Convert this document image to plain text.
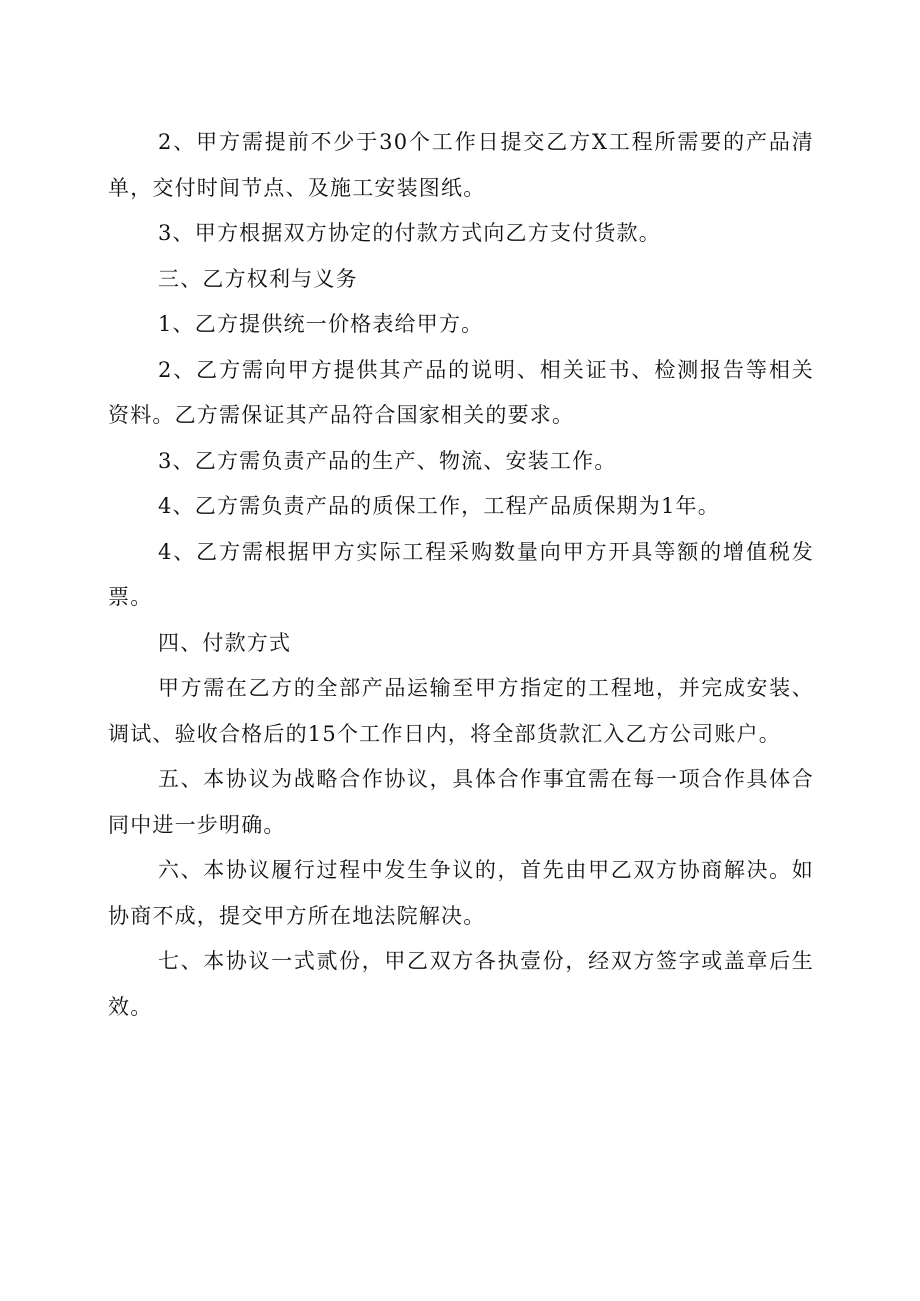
2、甲方需提前不少于30个工作日提交乙方X工程所需要的产品清单，交付时间节点、及施工安装图纸。

3、甲方根据双方协定的付款方式向乙方支付货款。

三、乙方权利与义务

1、乙方提供统一价格表给甲方。

2、乙方需向甲方提供其产品的说明、相关证书、检测报告等相关资料。乙方需保证其产品符合国家相关的要求。

3、乙方需负责产品的生产、物流、安装工作。

4、乙方需负责产品的质保工作，工程产品质保期为1年。

4、乙方需根据甲方实际工程采购数量向甲方开具等额的增值税发票。

四、付款方式

甲方需在乙方的全部产品运输至甲方指定的工程地，并完成安装、调试、验收合格后的15个工作日内，将全部货款汇入乙方公司账户。

五、本协议为战略合作协议，具体合作事宜需在每一项合作具体合同中进一步明确。

六、本协议履行过程中发生争议的，首先由甲乙双方协商解决。如协商不成，提交甲方所在地法院解决。

七、本协议一式贰份，甲乙双方各执壹份，经双方签字或盖章后生效。
